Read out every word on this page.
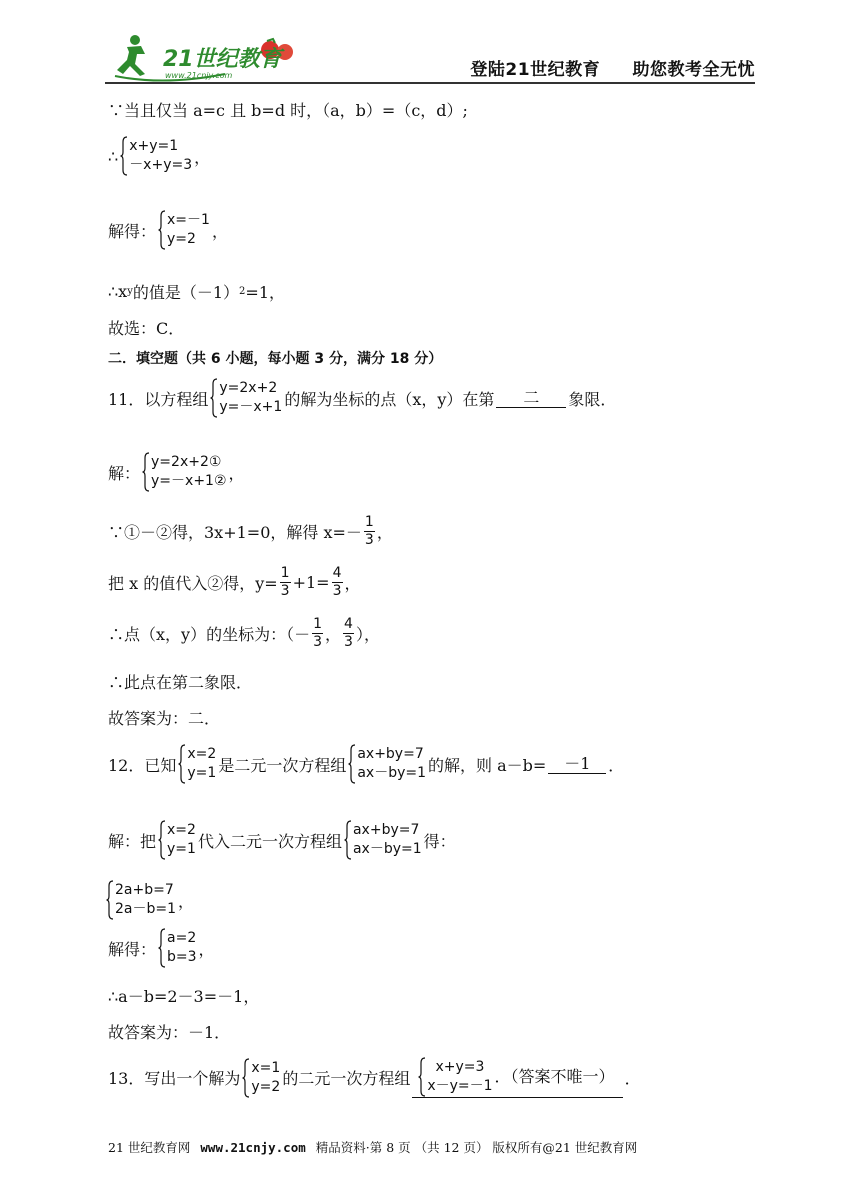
21世纪教育
www.21cnjy.com	登陆21世纪教育 助您教考全无忧
∵当且仅当 a=c 且 b=d 时，（a，b）=（c，d）;
∴
x+y=1
－x+y=3 ，
解得：
x=－1
y=2	，
∴x y 的值是（－1） 2 =1，
故选：C．
二．填空题（共 6 小题，每小题 3 分，满分 18 分）
11．以方程组
y=2x+2
y=－x+1 的解为坐标的点（x，y）在第	二	象限．
解：
y=2x+2①
y=－x+1② ，
∵①－②得，3x+1=0，解得 $x=- \frac{1}{3}$ ，
把 x 的值代入②得，$y= \frac{1}{3} +1= \frac{4}{3}$ ，
∴点（x，y）的坐标为：（－ $\frac{1}{3}$ ， $\frac{4}{3}$ ），
∴此点在第二象限．
故答案为：二．
12．已知
x=2
y=1 是二元一次方程组
ax+by=7
ax－by=1 的解，则 a－b=	－1	．
解：把
x=2
y=1 代入二元一次方程组
ax+by=7
ax－by=1 得：
2a+b=7
2a－b=1 ，
解得：
a=2
b=3 ，
∴a－b=2－3=－1，
故答案为：－1．
13．写出一个解为
x=1
y=2 的二元一次方程组
x+y=3
x－y=－1 ．（答案不唯一） ．
21 世纪教育网 www.21cnjy.com 精品资料·第 8 页 （共 12 页） 版权所有@21 世纪教育网
